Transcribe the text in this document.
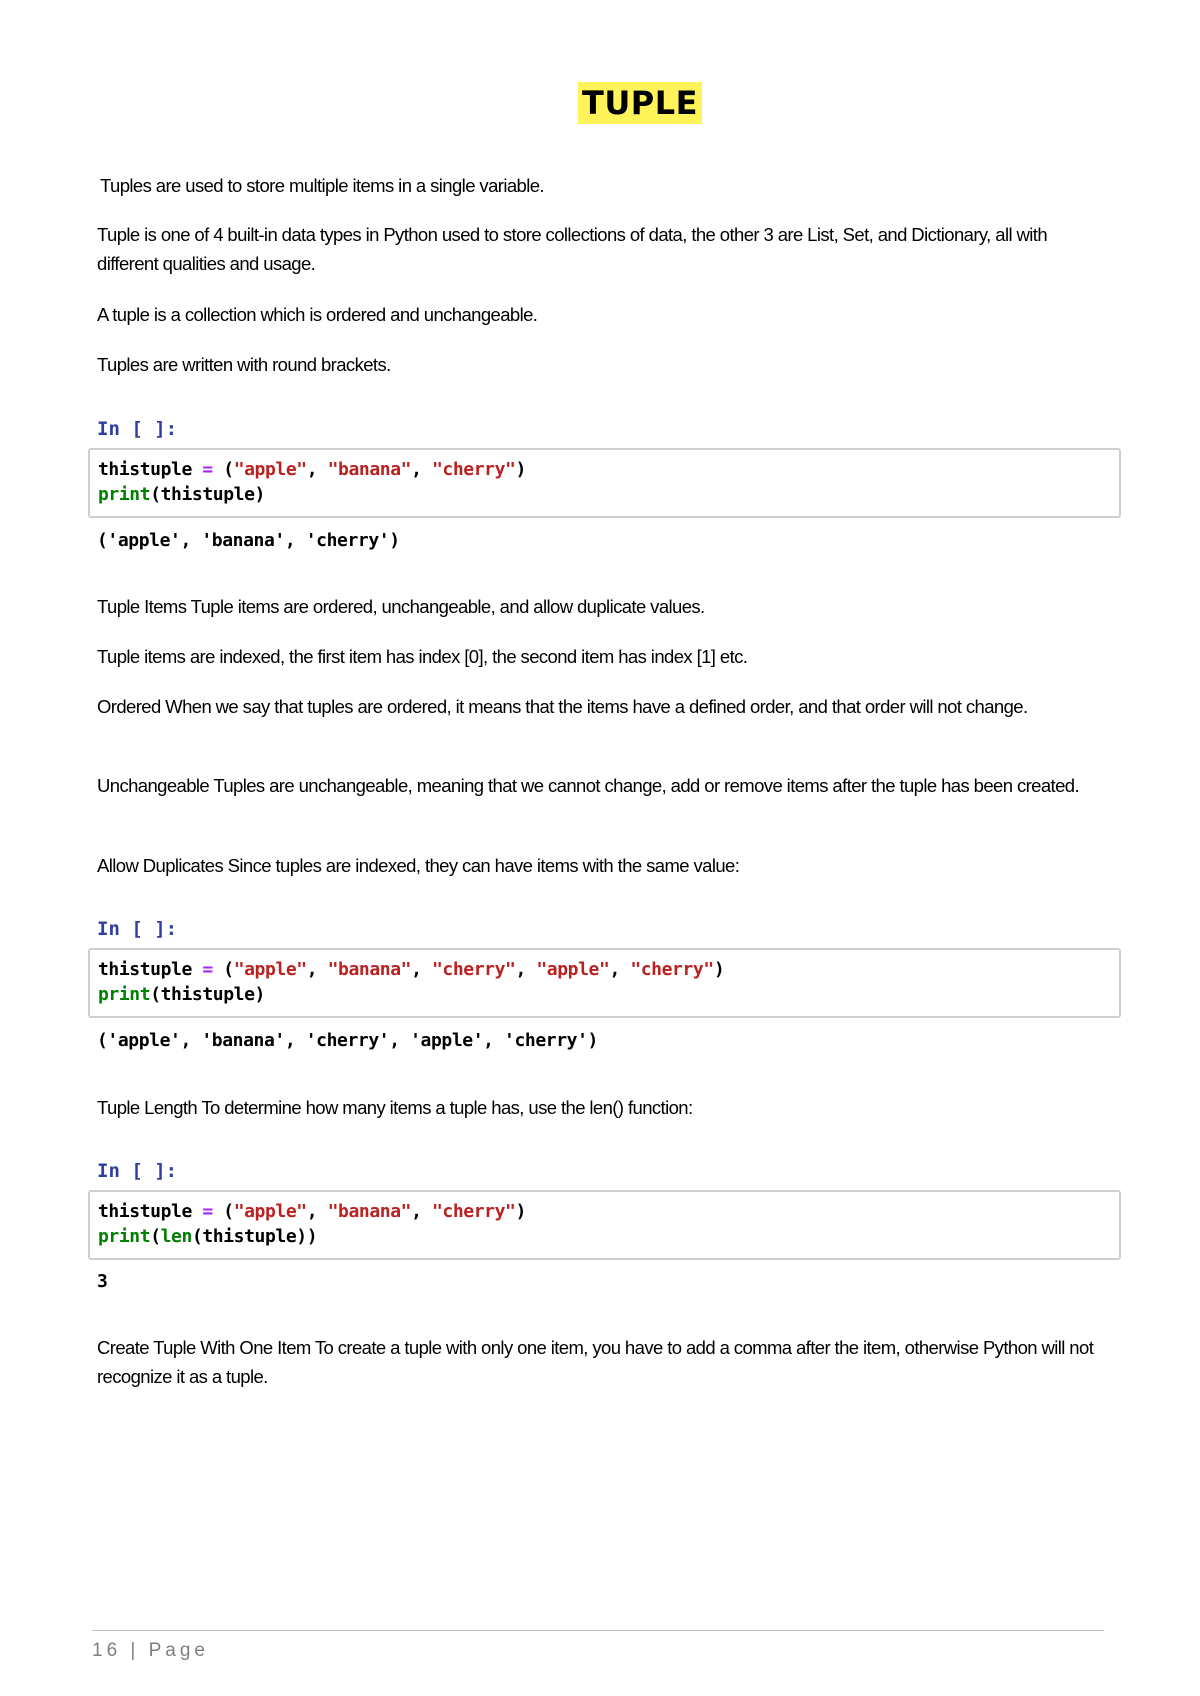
TUPLE

Tuples are used to store multiple items in a single variable.

Tuple is one of 4 built-in data types in Python used to store collections of data, the other 3 are List, Set, and Dictionary, all with different qualities and usage.

A tuple is a collection which is ordered and unchangeable.

Tuples are written with round brackets.

In [ ]:
thistuple = ("apple", "banana", "cherry")
print(thistuple)
('apple', 'banana', 'cherry')

Tuple Items Tuple items are ordered, unchangeable, and allow duplicate values.

Tuple items are indexed, the first item has index [0], the second item has index [1] etc.

Ordered When we say that tuples are ordered, it means that the items have a defined order, and that order will not change.

Unchangeable Tuples are unchangeable, meaning that we cannot change, add or remove items after the tuple has been created.

Allow Duplicates Since tuples are indexed, they can have items with the same value:

In [ ]:
thistuple = ("apple", "banana", "cherry", "apple", "cherry")
print(thistuple)
('apple', 'banana', 'cherry', 'apple', 'cherry')

Tuple Length To determine how many items a tuple has, use the len() function:

In [ ]:
thistuple = ("apple", "banana", "cherry")
print(len(thistuple))
3

Create Tuple With One Item To create a tuple with only one item, you have to add a comma after the item, otherwise Python will not recognize it as a tuple.

16 | Page
